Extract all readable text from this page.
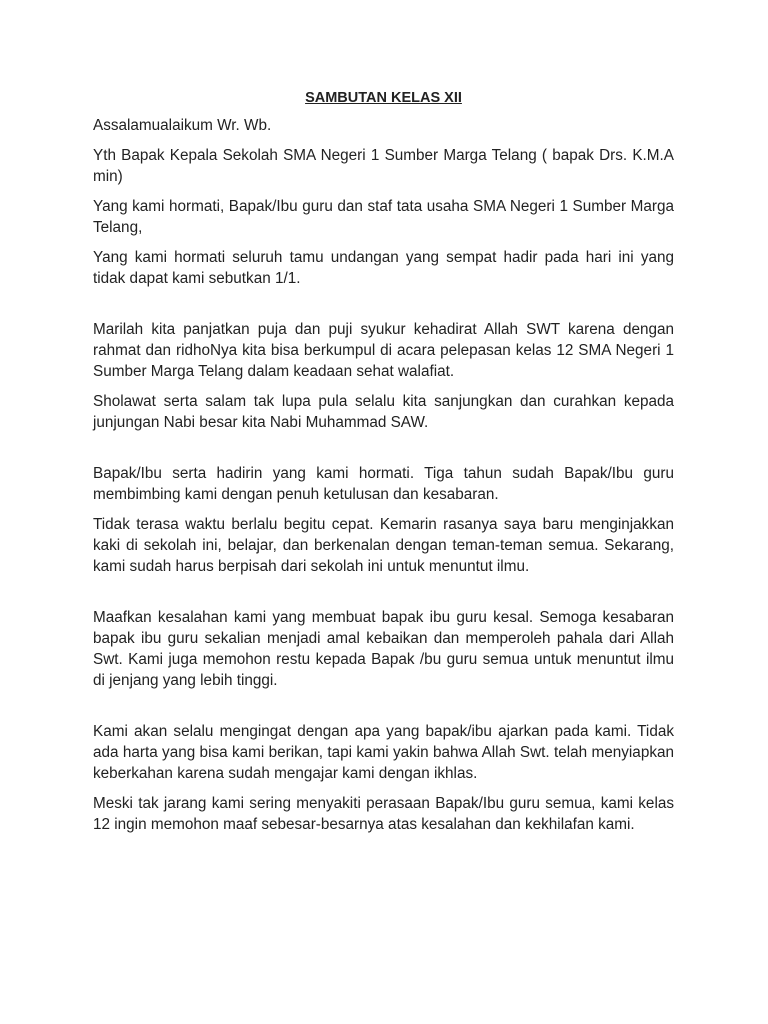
SAMBUTAN KELAS XII

Assalamualaikum Wr. Wb.

Yth Bapak Kepala Sekolah SMA Negeri 1 Sumber Marga Telang ( bapak Drs. K.M.A min)

Yang kami hormati, Bapak/Ibu guru dan staf tata usaha SMA Negeri 1 Sumber Marga Telang,

Yang kami hormati seluruh tamu undangan yang sempat hadir pada hari ini yang tidak dapat kami sebutkan 1/1.

Marilah kita panjatkan puja dan puji syukur kehadirat Allah SWT karena dengan rahmat dan ridhoNya kita bisa berkumpul di acara pelepasan kelas 12 SMA Negeri 1 Sumber Marga Telang dalam keadaan sehat walafiat.

Sholawat serta salam tak lupa pula selalu kita sanjungkan dan curahkan kepada junjungan Nabi besar kita Nabi Muhammad SAW.

Bapak/Ibu serta hadirin yang kami hormati. Tiga tahun sudah Bapak/Ibu guru membimbing kami dengan penuh ketulusan dan kesabaran.

Tidak terasa waktu berlalu begitu cepat. Kemarin rasanya saya baru menginjakkan kaki di sekolah ini, belajar, dan berkenalan dengan teman-teman semua. Sekarang, kami sudah harus berpisah dari sekolah ini untuk menuntut ilmu.

Maafkan kesalahan kami yang membuat bapak ibu guru kesal. Semoga kesabaran bapak ibu guru sekalian menjadi amal kebaikan dan memperoleh pahala dari Allah Swt. Kami juga memohon restu kepada Bapak /bu guru semua untuk menuntut ilmu di jenjang yang lebih tinggi.

Kami akan selalu mengingat dengan apa yang bapak/ibu ajarkan pada kami. Tidak ada harta yang bisa kami berikan, tapi kami yakin bahwa Allah Swt. telah menyiapkan keberkahan karena sudah mengajar kami dengan ikhlas.

Meski tak jarang kami sering menyakiti perasaan Bapak/Ibu guru semua, kami kelas 12 ingin memohon maaf sebesar-besarnya atas kesalahan dan kekhilafan kami.
